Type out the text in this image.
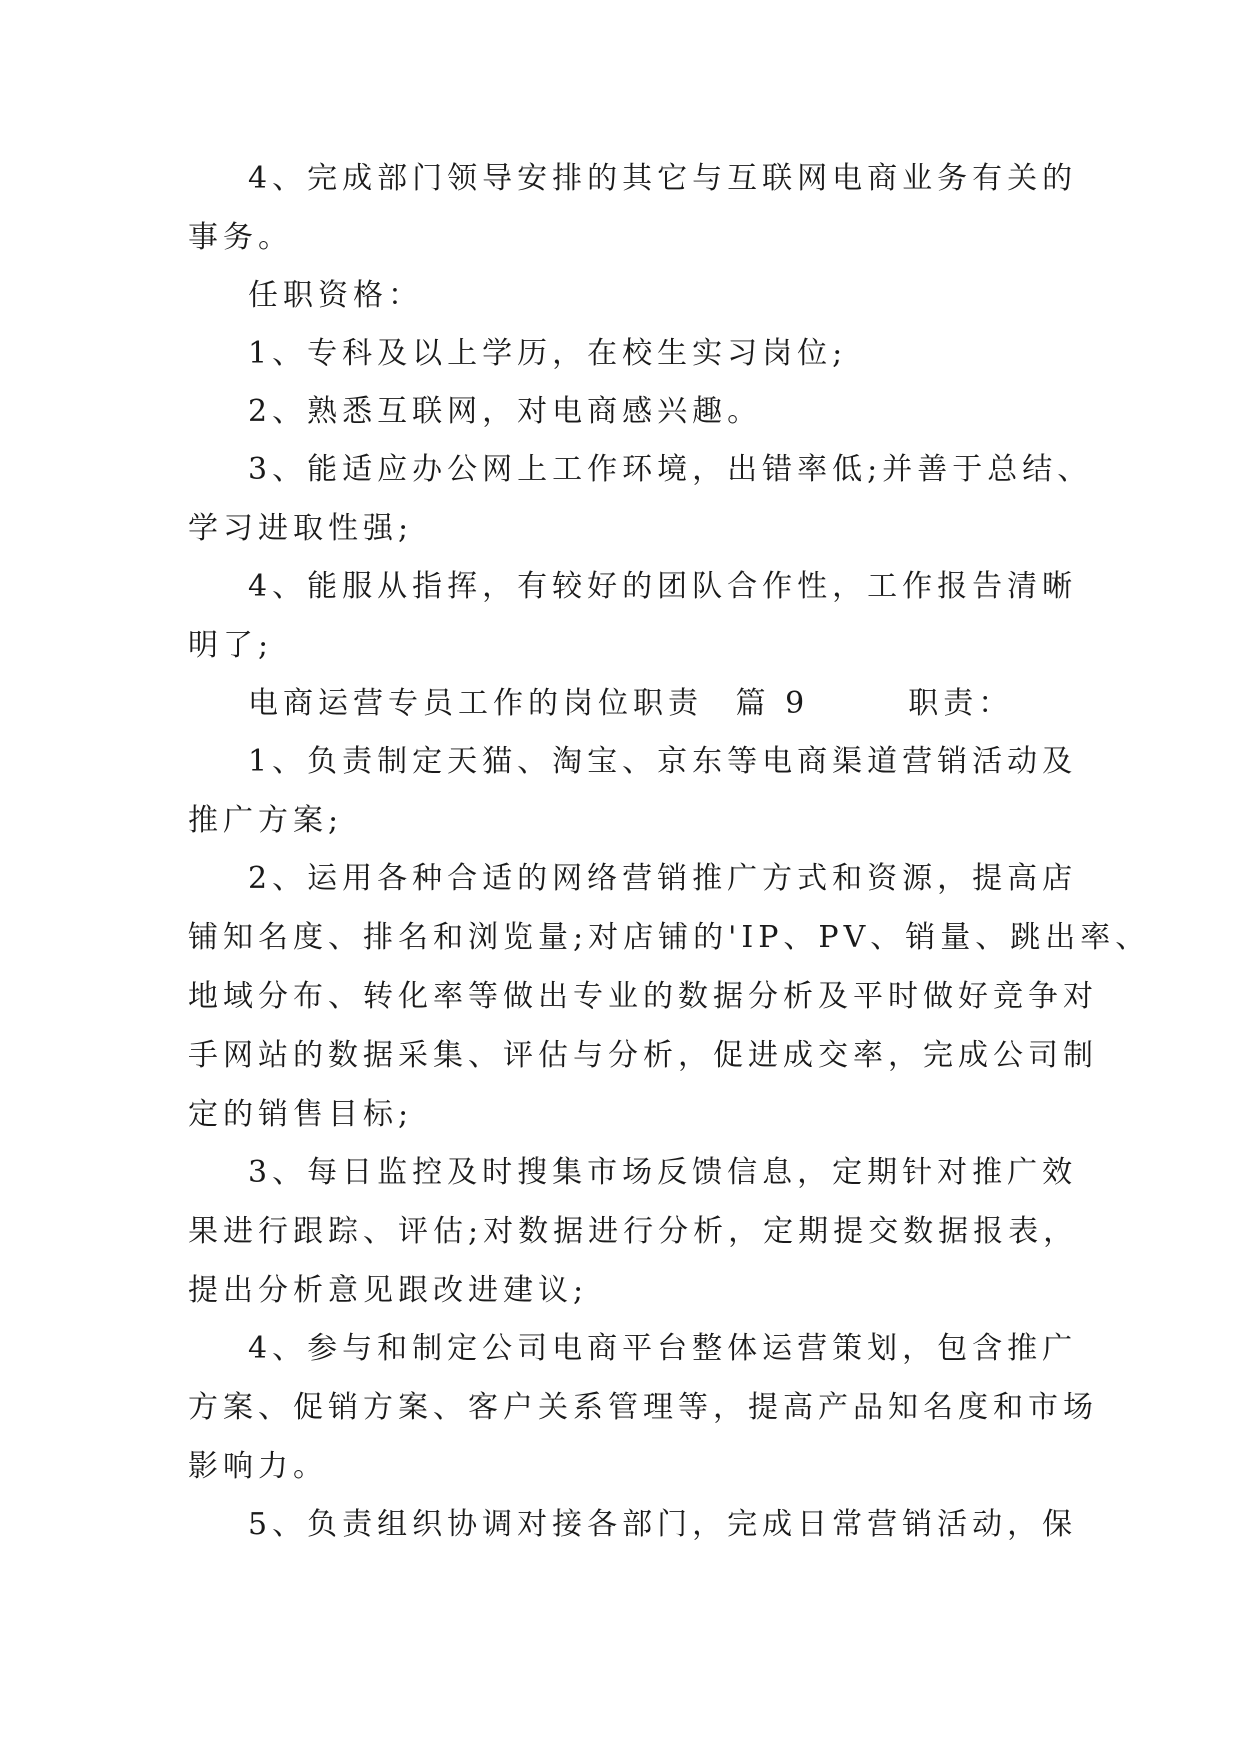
4、完成部门领导安排的其它与互联网电商业务有关的
事务。
任职资格：
1、专科及以上学历，在校生实习岗位;
2、熟悉互联网，对电商感兴趣。
3、能适应办公网上工作环境，出错率低;并善于总结、
学习进取性强;
4、能服从指挥，有较好的团队合作性，工作报告清晰
明了;
电商运营专员工作的岗位职责 篇 9	职责：
1、负责制定天猫、淘宝、京东等电商渠道营销活动及
推广方案;
2、运用各种合适的网络营销推广方式和资源，提高店
铺知名度、排名和浏览量;对店铺的'IP、PV、销量、跳出率、
地域分布、转化率等做出专业的数据分析及平时做好竞争对
手网站的数据采集、评估与分析，促进成交率，完成公司制
定的销售目标;
3、每日监控及时搜集市场反馈信息，定期针对推广效
果进行跟踪、评估;对数据进行分析，定期提交数据报表，
提出分析意见跟改进建议;
4、参与和制定公司电商平台整体运营策划，包含推广
方案、促销方案、客户关系管理等，提高产品知名度和市场
影响力。
5、负责组织协调对接各部门，完成日常营销活动，保
